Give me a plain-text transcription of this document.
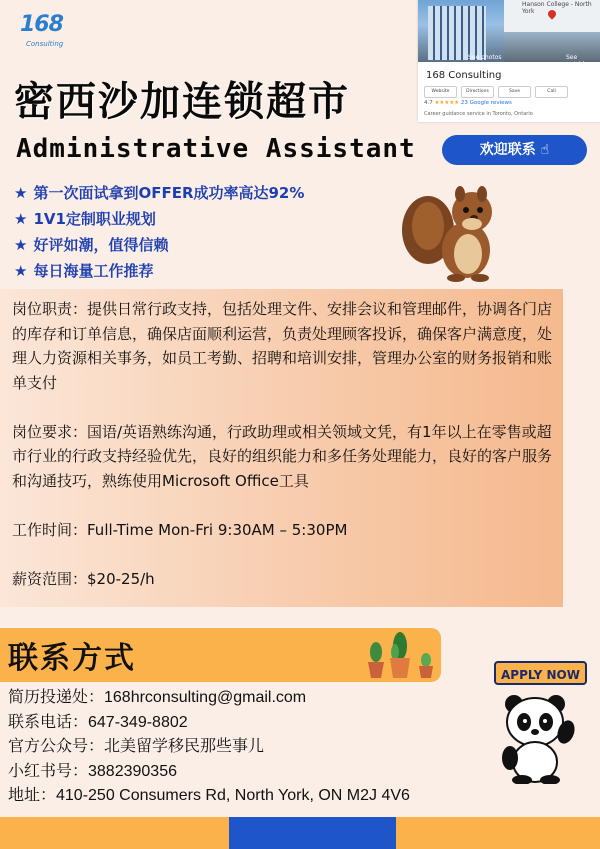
168
Consulting
Hanson College - North York
See photos	See outside
168 Consulting
Website	Directions	Save	Call
4.7 ★★★★★ 23 Google reviews
Career guidance service in Toronto, Ontario
密西沙加连锁超市
Administrative Assistant	欢迎联系 ☝
★ 第一次面试拿到OFFER成功率高达92%
★ 1V1定制职业规划
★ 好评如潮，值得信赖
★ 每日海量工作推荐

岗位职责：提供日常行政支持，包括处理文件、安排会议和管理邮件，协调各门店的库存和订单信息，确保店面顺利运营，负责处理顾客投诉，确保客户满意度，处理人力资源相关事务，如员工考勤、招聘和培训安排，管理办公室的财务报销和账单支付

岗位要求：国语/英语熟练沟通，行政助理或相关领域文凭，有1年以上在零售或超市行业的行政支持经验优先，良好的组织能力和多任务处理能力，良好的客户服务和沟通技巧，熟练使用Microsoft Office工具

工作时间：Full-Time Mon-Fri 9:30AM – 5:30PM

薪资范围：$20-25/h

联系方式	APPLY NOW
简历投递处：168hrconsulting@gmail.com
联系电话：647-349-8802
官方公众号：北美留学移民那些事儿
小红书号：3882390356
地址：410-250 Consumers Rd, North York, ON M2J 4V6
